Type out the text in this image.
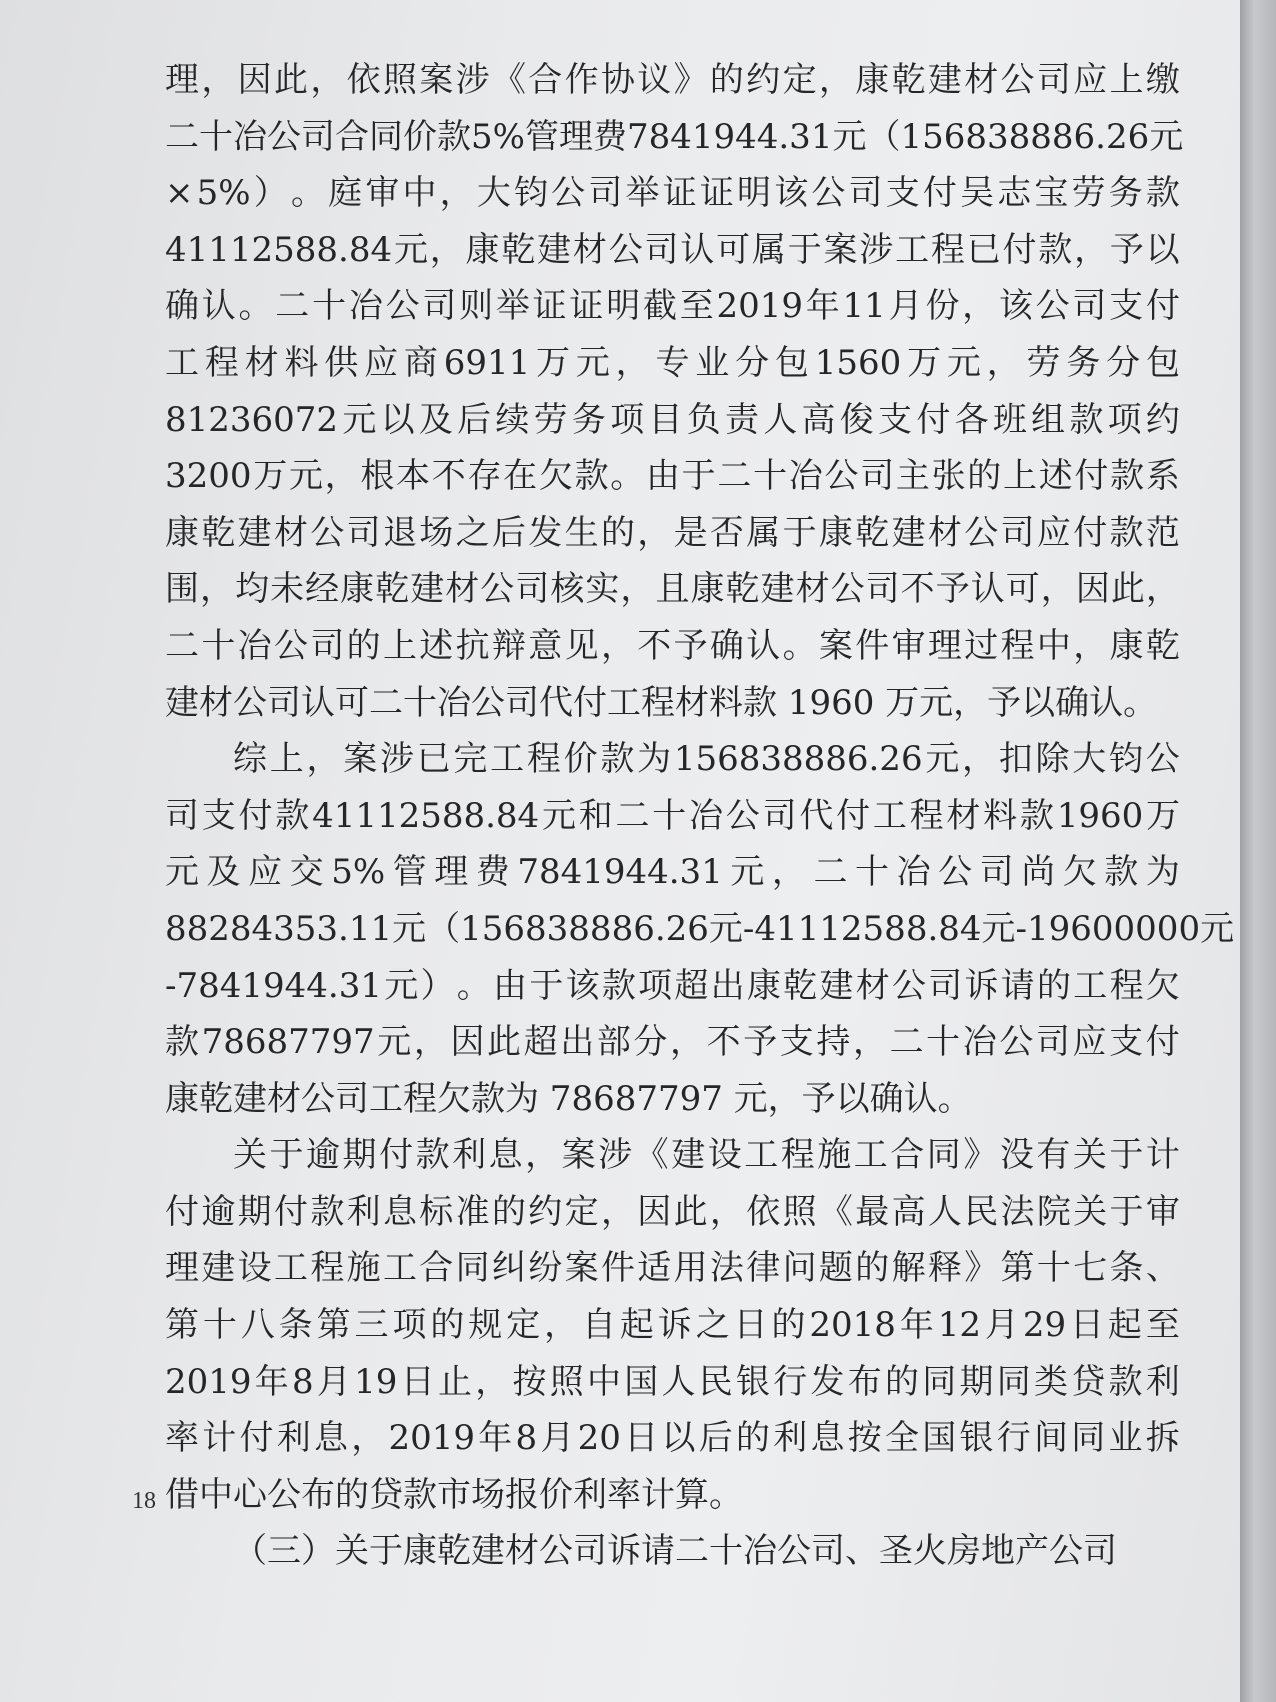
理 ， 因 此 ， 依 照 案 涉 《 合 作 协 议 》 的 约 定 ， 康 乾 建 材 公 司 应 上 缴
二 十 冶 公 司 合 同 价 款 5% 管 理 费 7841944.31 元 （ 156838886.26 元
× 5% ） 。 庭 审 中 ， 大 钧 公 司 举 证 证 明 该 公 司 支 付 吴 志 宝 劳 务 款
41112588.84 元 ， 康 乾 建 材 公 司 认 可 属 于 案 涉 工 程 已 付 款 ， 予 以
确 认 。 二 十 冶 公 司 则 举 证 证 明 截 至 2019 年 11 月 份 ， 该 公 司 支 付
工 程 材 料 供 应 商 6911 万 元 ， 专 业 分 包 1560 万 元 ， 劳 务 分 包
81236072 元 以 及 后 续 劳 务 项 目 负 责 人 高 俊 支 付 各 班 组 款 项 约
3200 万 元 ， 根 本 不 存 在 欠 款 。 由 于 二 十 冶 公 司 主 张 的 上 述 付 款 系
康 乾 建 材 公 司 退 场 之 后 发 生 的 ， 是 否 属 于 康 乾 建 材 公 司 应 付 款 范
围 ， 均 未 经 康 乾 建 材 公 司 核 实 ， 且 康 乾 建 材 公 司 不 予 认 可 ， 因 此 ，
二 十 冶 公 司 的 上 述 抗 辩 意 见 ， 不 予 确 认 。 案 件 审 理 过 程 中 ， 康 乾
建材公司认可二十冶公司代付工程材料款 1960 万元，予以确认。
综 上 ， 案 涉 已 完 工 程 价 款 为 156838886.26 元 ， 扣 除 大 钧 公
司 支 付 款 41112588.84 元 和 二 十 冶 公 司 代 付 工 程 材 料 款 1960 万
元 及 应 交 5% 管 理 费 7841944.31 元 ， 二 十 冶 公 司 尚 欠 款 为
88284353.11 元 （ 156838886.26 元 -41112588.84 元 -19600000 元
-7841944.31 元 ） 。 由 于 该 款 项 超 出 康 乾 建 材 公 司 诉 请 的 工 程 欠
款 78687797 元 ， 因 此 超 出 部 分 ， 不 予 支 持 ， 二 十 冶 公 司 应 支 付
康乾建材公司工程欠款为 78687797 元，予以确认。
关 于 逾 期 付 款 利 息 ， 案 涉 《 建 设 工 程 施 工 合 同 》 没 有 关 于 计
付 逾 期 付 款 利 息 标 准 的 约 定 ， 因 此 ， 依 照 《 最 高 人 民 法 院 关 于 审
理 建 设 工 程 施 工 合 同 纠 纷 案 件 适 用 法 律 问 题 的 解 释 》 第 十 七 条 、
第 十 八 条 第 三 项 的 规 定 ， 自 起 诉 之 日 的 2018 年 12 月 29 日 起 至
2019 年 8 月 19 日 止 ， 按 照 中 国 人 民 银 行 发 布 的 同 期 同 类 贷 款 利
率 计 付 利 息 ， 2019 年 8 月 20 日 以 后 的 利 息 按 全 国 银 行 间 同 业 拆
借中心公布的贷款市场报价利率计算。
（三）关于康乾建材公司诉请二十冶公司、圣火房地产公司
18
